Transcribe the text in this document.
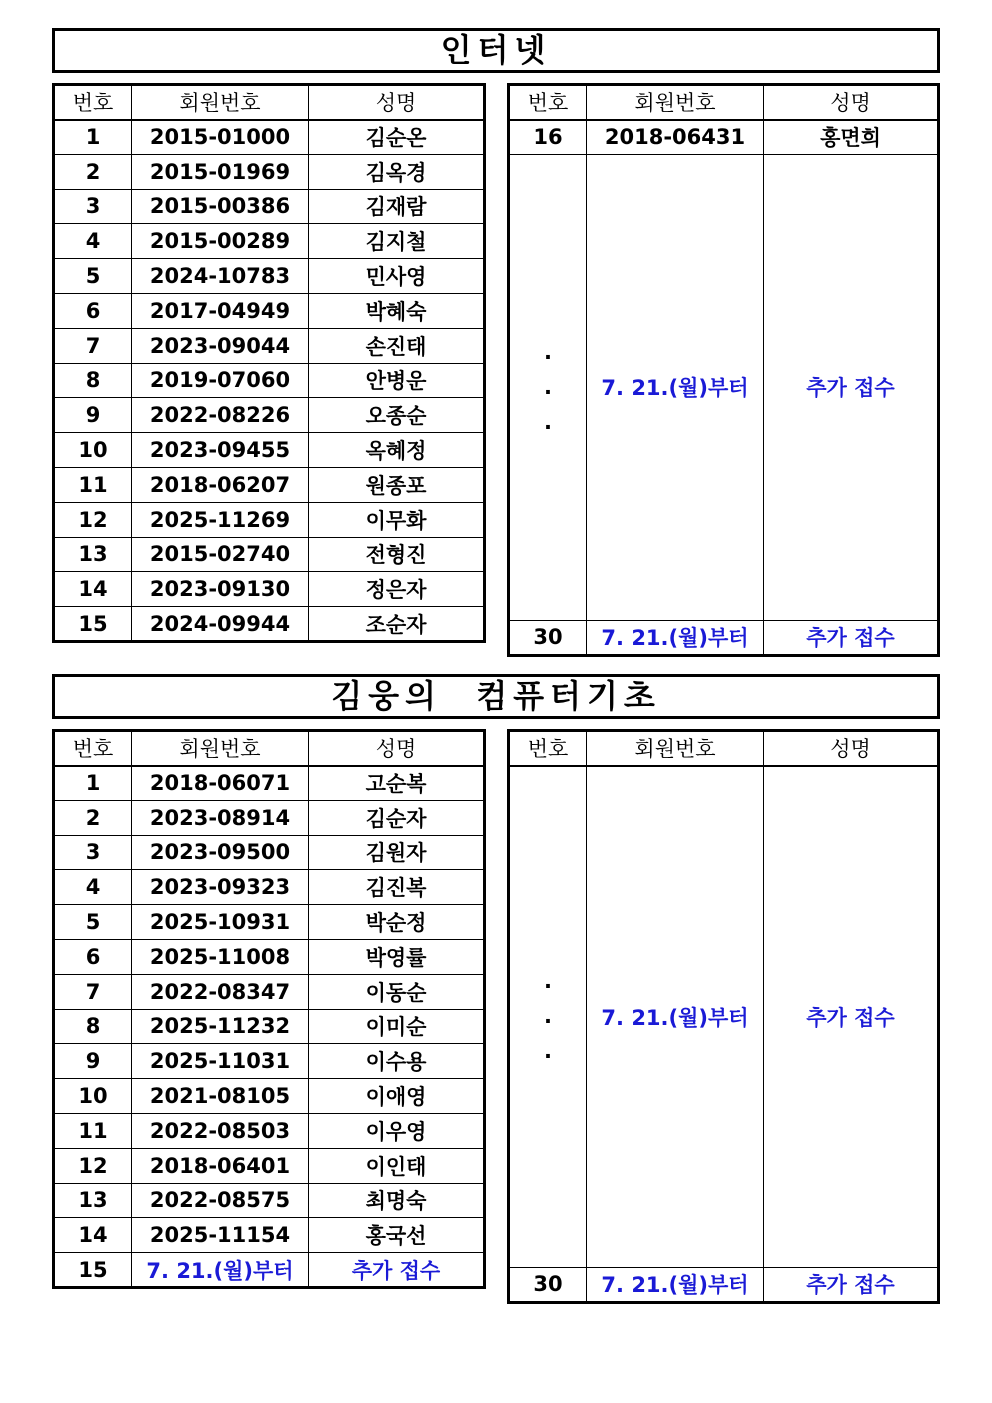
인터넷
번호	회원번호	성명
1	2015-01000	김순온
2	2015-01969	김옥경
3	2015-00386	김재람
4	2015-00289	김지철
5	2024-10783	민사영
6	2017-04949	박혜숙
7	2023-09044	손진태
8	2019-07060	안병운
9	2022-08226	오종순
10	2023-09455	옥혜정
11	2018-06207	원종포
12	2025-11269	이무화
13	2015-02740	전형진
14	2023-09130	정은자
15	2024-09944	조순자
번호	회원번호	성명
16	2018-06431	홍면희

.
.
.	7. 21.(월)부터	추가 접수
30	7. 21.(월)부터	추가 접수
김웅의  컴퓨터기초
번호	회원번호	성명
1	2018-06071	고순복
2	2023-08914	김순자
3	2023-09500	김원자
4	2023-09323	김진복
5	2025-10931	박순정
6	2025-11008	박영률
7	2022-08347	이동순
8	2025-11232	이미순
9	2025-11031	이수용
10	2021-08105	이애영
11	2022-08503	이우영
12	2018-06401	이인태
13	2022-08575	최명숙
14	2025-11154	홍국선
15	7. 21.(월)부터	추가 접수
번호	회원번호	성명

.
.
.	7. 21.(월)부터	추가 접수
30	7. 21.(월)부터	추가 접수
